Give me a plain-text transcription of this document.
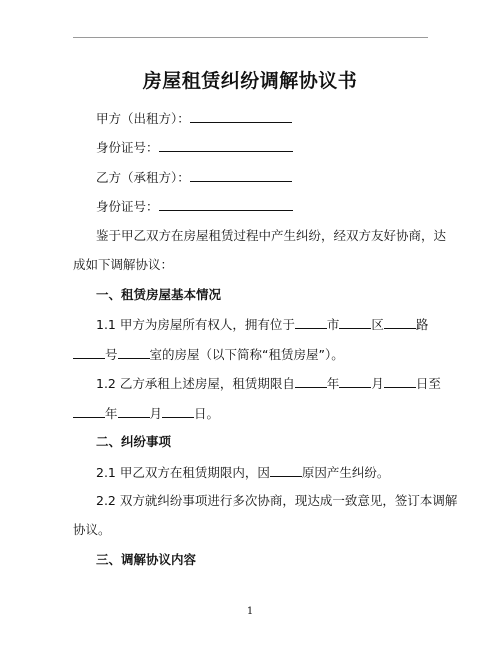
房屋租赁纠纷调解协议书
甲方（出租方）：
身份证号：
乙方（承租方）：
身份证号：
鉴于甲乙双方在房屋租赁过程中产生纠纷，经双方友好协商，达
成如下调解协议：
一、租赁房屋基本情况
1.1 甲方为房屋所有权人，拥有位于	市	区	路
号	室的房屋（以下简称“租赁房屋”）。
1.2 乙方承租上述房屋，租赁期限自	年	月	日至
年	月	日。
二、纠纷事项
2.1 甲乙双方在租赁期限内，因	原因产生纠纷。
2.2 双方就纠纷事项进行多次协商，现达成一致意见，签订本调解
协议。
三、调解协议内容
1
